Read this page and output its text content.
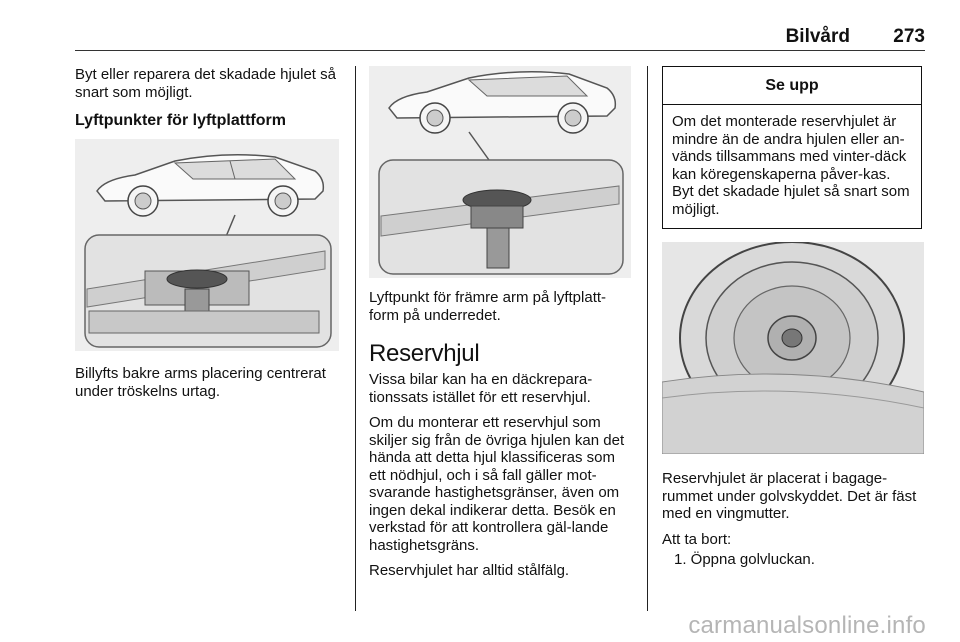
Bilvård 273

Byt eller reparera det skadade hjulet så snart som möjligt.

Lyftpunkter för lyftplattform

Billyfts bakre arms placering centrerat under tröskelns urtag.

Lyftpunkt för främre arm på lyftplatt-form på underredet.

Reservhjul

Vissa bilar kan ha en däckrepara-tionssats istället för ett reservhjul.

Om du monterar ett reservhjul som skiljer sig från de övriga hjulen kan det hända att detta hjul klassificeras som ett nödhjul, och i så fall gäller mot-svarande hastighetsgränser, även om ingen dekal indikerar detta. Besök en verkstad för att kontrollera gäl-lande hastighetsgräns.

Reservhjulet har alltid stålfälg.

Se upp
Om det monterade reservhjulet är mindre än de andra hjulen eller an-vänds tillsammans med vinter-däck kan köregenskaperna påver-kas. Byt det skadade hjulet så snart som möjligt.

Reservhjulet är placerat i bagage-rummet under golvskyddet. Det är fäst med en vingmutter.

Att ta bort:

1. Öppna golvluckan.
carmanualsonline.info
